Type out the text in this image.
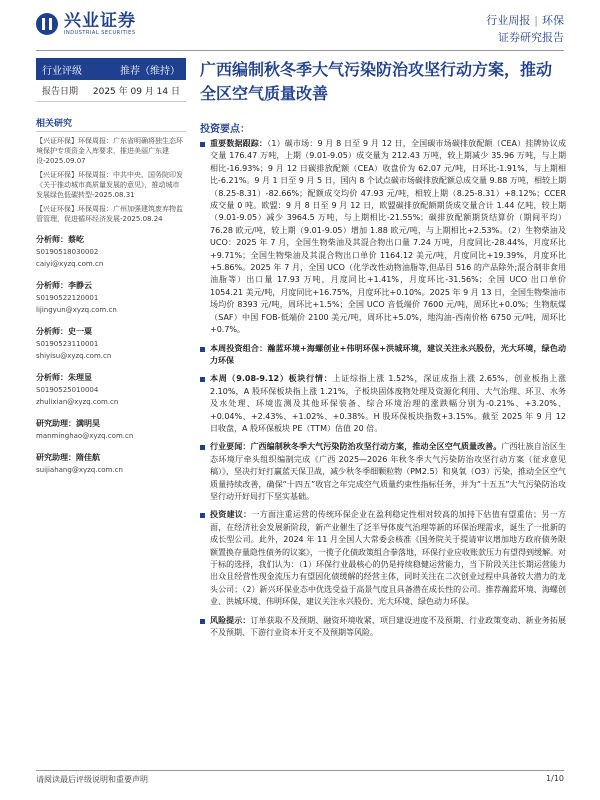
兴业证券
INDUSTRIAL SECURITIES
行业周报 | 环保
证券研究报告
行业评级	推荐（维持）
报告日期 2025 年 09 月 14 日
相关研究
【兴证环保】环保周报：广东省明确将独生态环境保护专项资金入库要求，推进美丽广东建设-2025.09.07
【兴证环保】环保周报：中共中央、国务院印发《关于推动城市高质量发展的意见》，推动城市发展绿色低碳转型-2025.08.31
【兴证环保】环保周报：广州加强建筑废弃物监管管理，促进循环经济发展-2025.08.24
分析师：蔡屹
S0190518030002
caiyi@xyzq.com.cn
分析师：李静云
S0190522120001
lijingyun@xyzq.com.cn
分析师：史一粟
S0190523110001
shiyisu@xyzq.com.cn
分析师：朱理显
S0190525010004
zhulixian@xyzq.com.cn
研究助理：满明昊
manminghao@xyzq.com.cn
研究助理：隋佳航
suijiahang@xyzq.com.cn
广西编制秋冬季大气污染防治攻坚行动方案，推动全区空气质量改善
投资要点：
重要数据跟踪：（1）碳市场：9 月 8 日至 9 月 12 日，全国碳市场碳排放配额（CEA）挂牌协议成交量 176.47 万吨，上期（9.01-9.05）成交量为 212.43 万吨，较上期减少 35.96 万吨，与上期相比-16.93%；9 月 12 日碳排放配额（CEA）收盘价为 62.07 元/吨，日环比-1.91%，与上期相比-6.21%。9 月 1 日至 9 月 5 日，国内 8 个试点碳市场碳排放配额总成交量 9.88 万吨，相较上期（8.25-8.31）-82.66%；配额成交均价 47.93 元/吨，相较上期（8.25-8.31）+8.12%；CCER 成交量 0 吨。欧盟：9 月 8 日至 9 月 12 日，欧盟碳排放配额期货成交量合计 1.44 亿吨，较上期（9.01-9.05）减少 3964.5 万吨，与上期相比-21.55%；碳排放配额期货结算价（期间平均）76.28 欧元/吨，较上期（9.01-9.05）增加 1.88 欧元/吨，与上期相比+2.53%。（2）生物柴油及 UCO：2025 年 7 月，全国生物柴油及其混合物出口量 7.24 万吨，月度同比-28.44%，月度环比+9.71%；全国生物柴油及其混合物出口单价 1164.12 美元/吨，月度同比+19.39%，月度环比+5.86%。2025 年 7 月，全国 UCO（化学改性动物油脂等,但品目 516 的产品除外;混合制非食用油脂等）出口量 17.93 万吨，月度同比+1.41%，月度环比-31.56%；全国 UCO 出口单价 1054.21 美元/吨，月度同比+16.75%，月度环比+0.10%。2025 年 9 月 13 日，全国生物柴油市场均价 8393 元/吨，周环比+1.5%；全国 UCO 音低端价 7600 元/吨，周环比+0.0%；生物航煤（SAF）中国 FOB-低端价 2100 美元/吨，周环比+5.0%，地沟油-西南价格 6750 元/吨，周环比+0.7%。
本周投资组合：瀚蓝环境+海螺创业+伟明环保+洪城环境，建议关注永兴股份，光大环境，绿色动力环保
本周（9.08-9.12）板块行情：上证综指上涨 1.52%，深证成指上涨 2.65%，创业板指上涨 2.10%，A 股环保板块指上涨 1.21%，子板块固体废物处理及资源化利用、大气治理、环卫、水务及水处理、环境监测及其他环保装备、综合环境治理的涨跌幅分别为-0.21%、+3.20%、+0.04%、+2.43%、+1.02%、+0.38%。H 股环保板块指数+3.15%。截至 2025 年 9 月 12 日收盘，A 股环保板块 PE（TTM）估值 20 倍。
行业要闻：广西编制秋冬季大气污染防治攻坚行动方案，推动全区空气质量改善。广西壮族自治区生态环境厅牵头组织编制完成《广西 2025—2026 年秋冬季大气污染防治攻坚行动方案（征求意见稿）》，坚决打好打赢蓝天保卫战，减少秋冬季细颗粒物（PM2.5）和臭氧（O3）污染，推动全区空气质量持续改善，确保“十四五”收官之年完成空气质量约束性指标任务，并为“十五五”大气污染防治攻坚行动开好局打下坚实基础。
投资建议：一方面注重运营的传统环保企业在盈利稳定性相对较高的加持下估值有望重估；另一方面，在经济社会发展新阶段，新产业催生了泛半导体废气治理等新的环保治理需求，诞生了一批新的成长型公司。此外，2024 年 11 月全国人大常委会核准《国务院关于提请审议增加地方政府债务限额置换存量隐性债务的议案》，一揽子化债政策组合拳落地，环保行业应收账款压力有望得到缓解。对于标的选择，我们认为：（1）环保行业最核心的仍是持续稳健运营能力，当下阶段关注长期运营能力出众且经营性现金流压力有望因化债缓解的经营主体，同时关注在二次创业过程中具备较大潜力的龙头公司；（2）新兴环保业态中优选受益于高景气度且具备潜在成长性的公司。推荐瀚蓝环境、海螺创业、洪城环境、伟明环保，建议关注永兴股份、光大环境、绿色动力环保。
风险提示：订单获取不及预期、融资环境收紧、项目建设进度不及预期、行业政策变动、新业务拓展不及预期、下游行业资本开支不及预期等风险。
请阅读最后评级说明和重要声明	1/10
